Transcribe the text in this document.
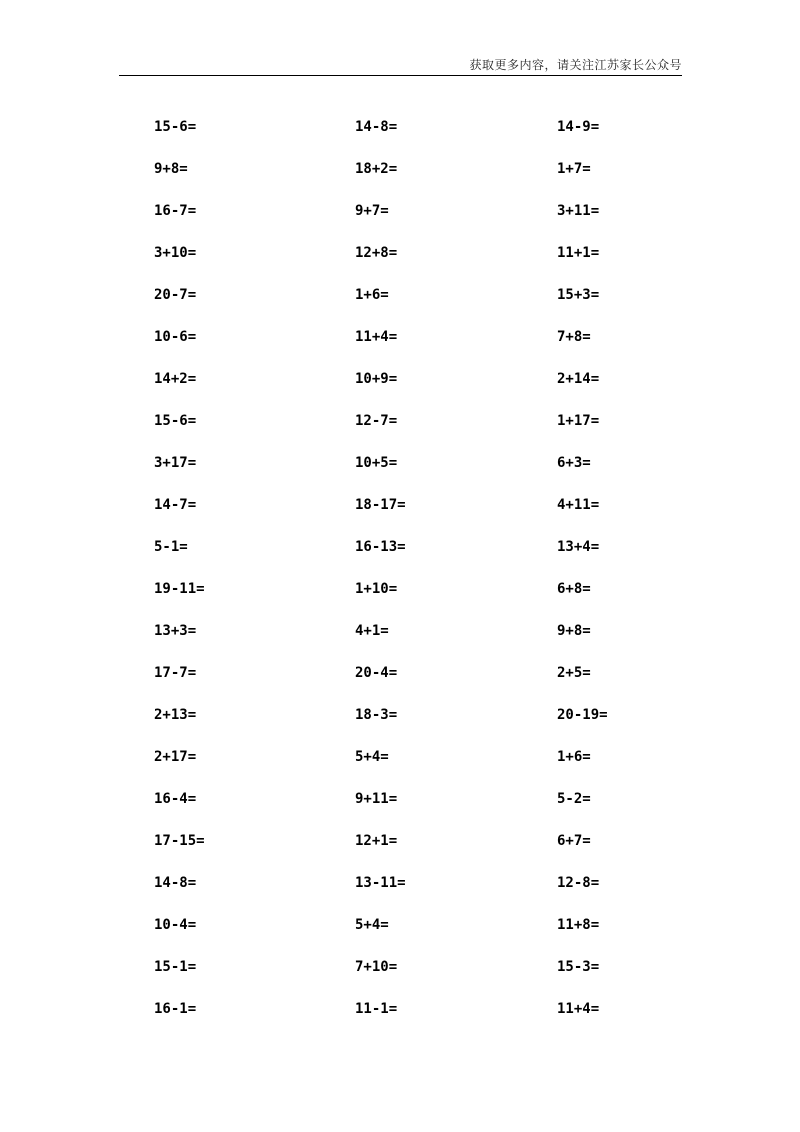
获取更多内容，请关注江苏家长公众号
15-6=	14-8=	14-9=
9+8=	18+2=	1+7=
16-7=	9+7=	3+11=
3+10=	12+8=	11+1=
20-7=	1+6=	15+3=
10-6=	11+4=	7+8=
14+2=	10+9=	2+14=
15-6=	12-7=	1+17=
3+17=	10+5=	6+3=
14-7=	18-17=	4+11=
5-1=	16-13=	13+4=
19-11=	1+10=	6+8=
13+3=	4+1=	9+8=
17-7=	20-4=	2+5=
2+13=	18-3=	20-19=
2+17=	5+4=	1+6=
16-4=	9+11=	5-2=
17-15=	12+1=	6+7=
14-8=	13-11=	12-8=
10-4=	5+4=	11+8=
15-1=	7+10=	15-3=
16-1=	11-1=	11+4=
